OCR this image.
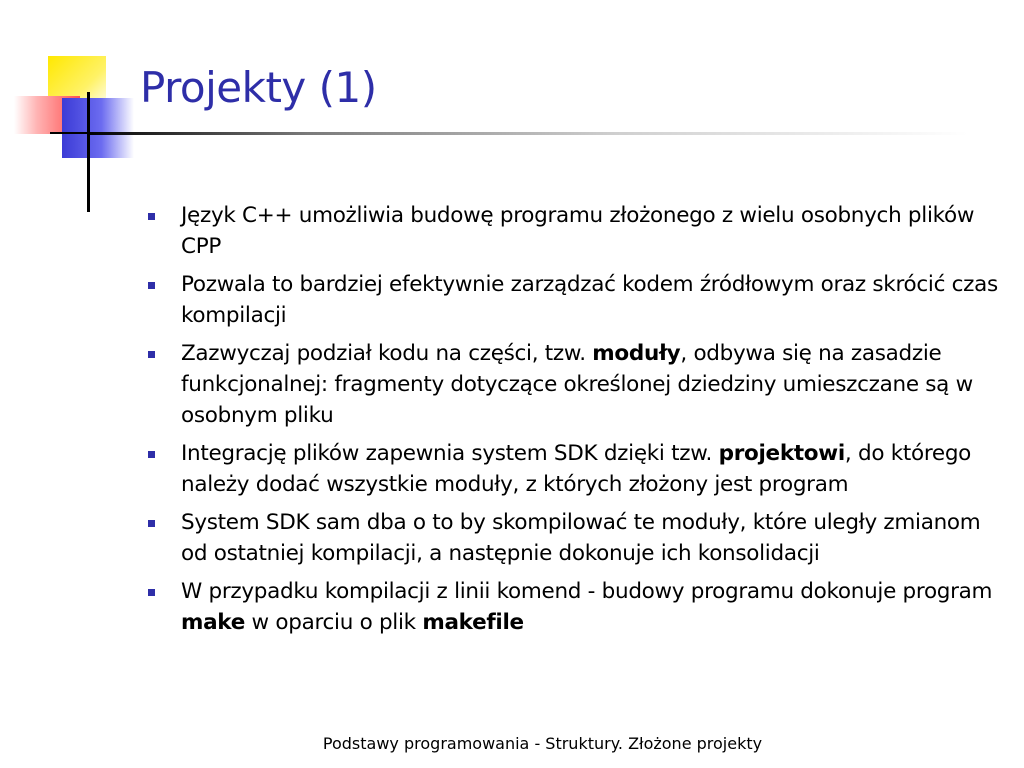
Projekty (1)
Język C++ umożliwia budowę programu złożonego z wielu osobnych plików CPP
Pozwala to bardziej efektywnie zarządzać kodem źródłowym oraz skrócić czas kompilacji
Zazwyczaj podział kodu na części, tzw. moduły, odbywa się na zasadzie funkcjonalnej: fragmenty dotyczące określonej dziedziny umieszczane są w osobnym pliku
Integrację plików zapewnia system SDK dzięki tzw. projektowi, do którego należy dodać wszystkie moduły, z których złożony jest program
System SDK sam dba o to by skompilować te moduły, które uległy zmianom od ostatniej kompilacji, a następnie dokonuje ich konsolidacji
W przypadku kompilacji z linii komend - budowy programu dokonuje program make w oparciu o plik makefile
Podstawy programowania - Struktury. Złożone projekty
